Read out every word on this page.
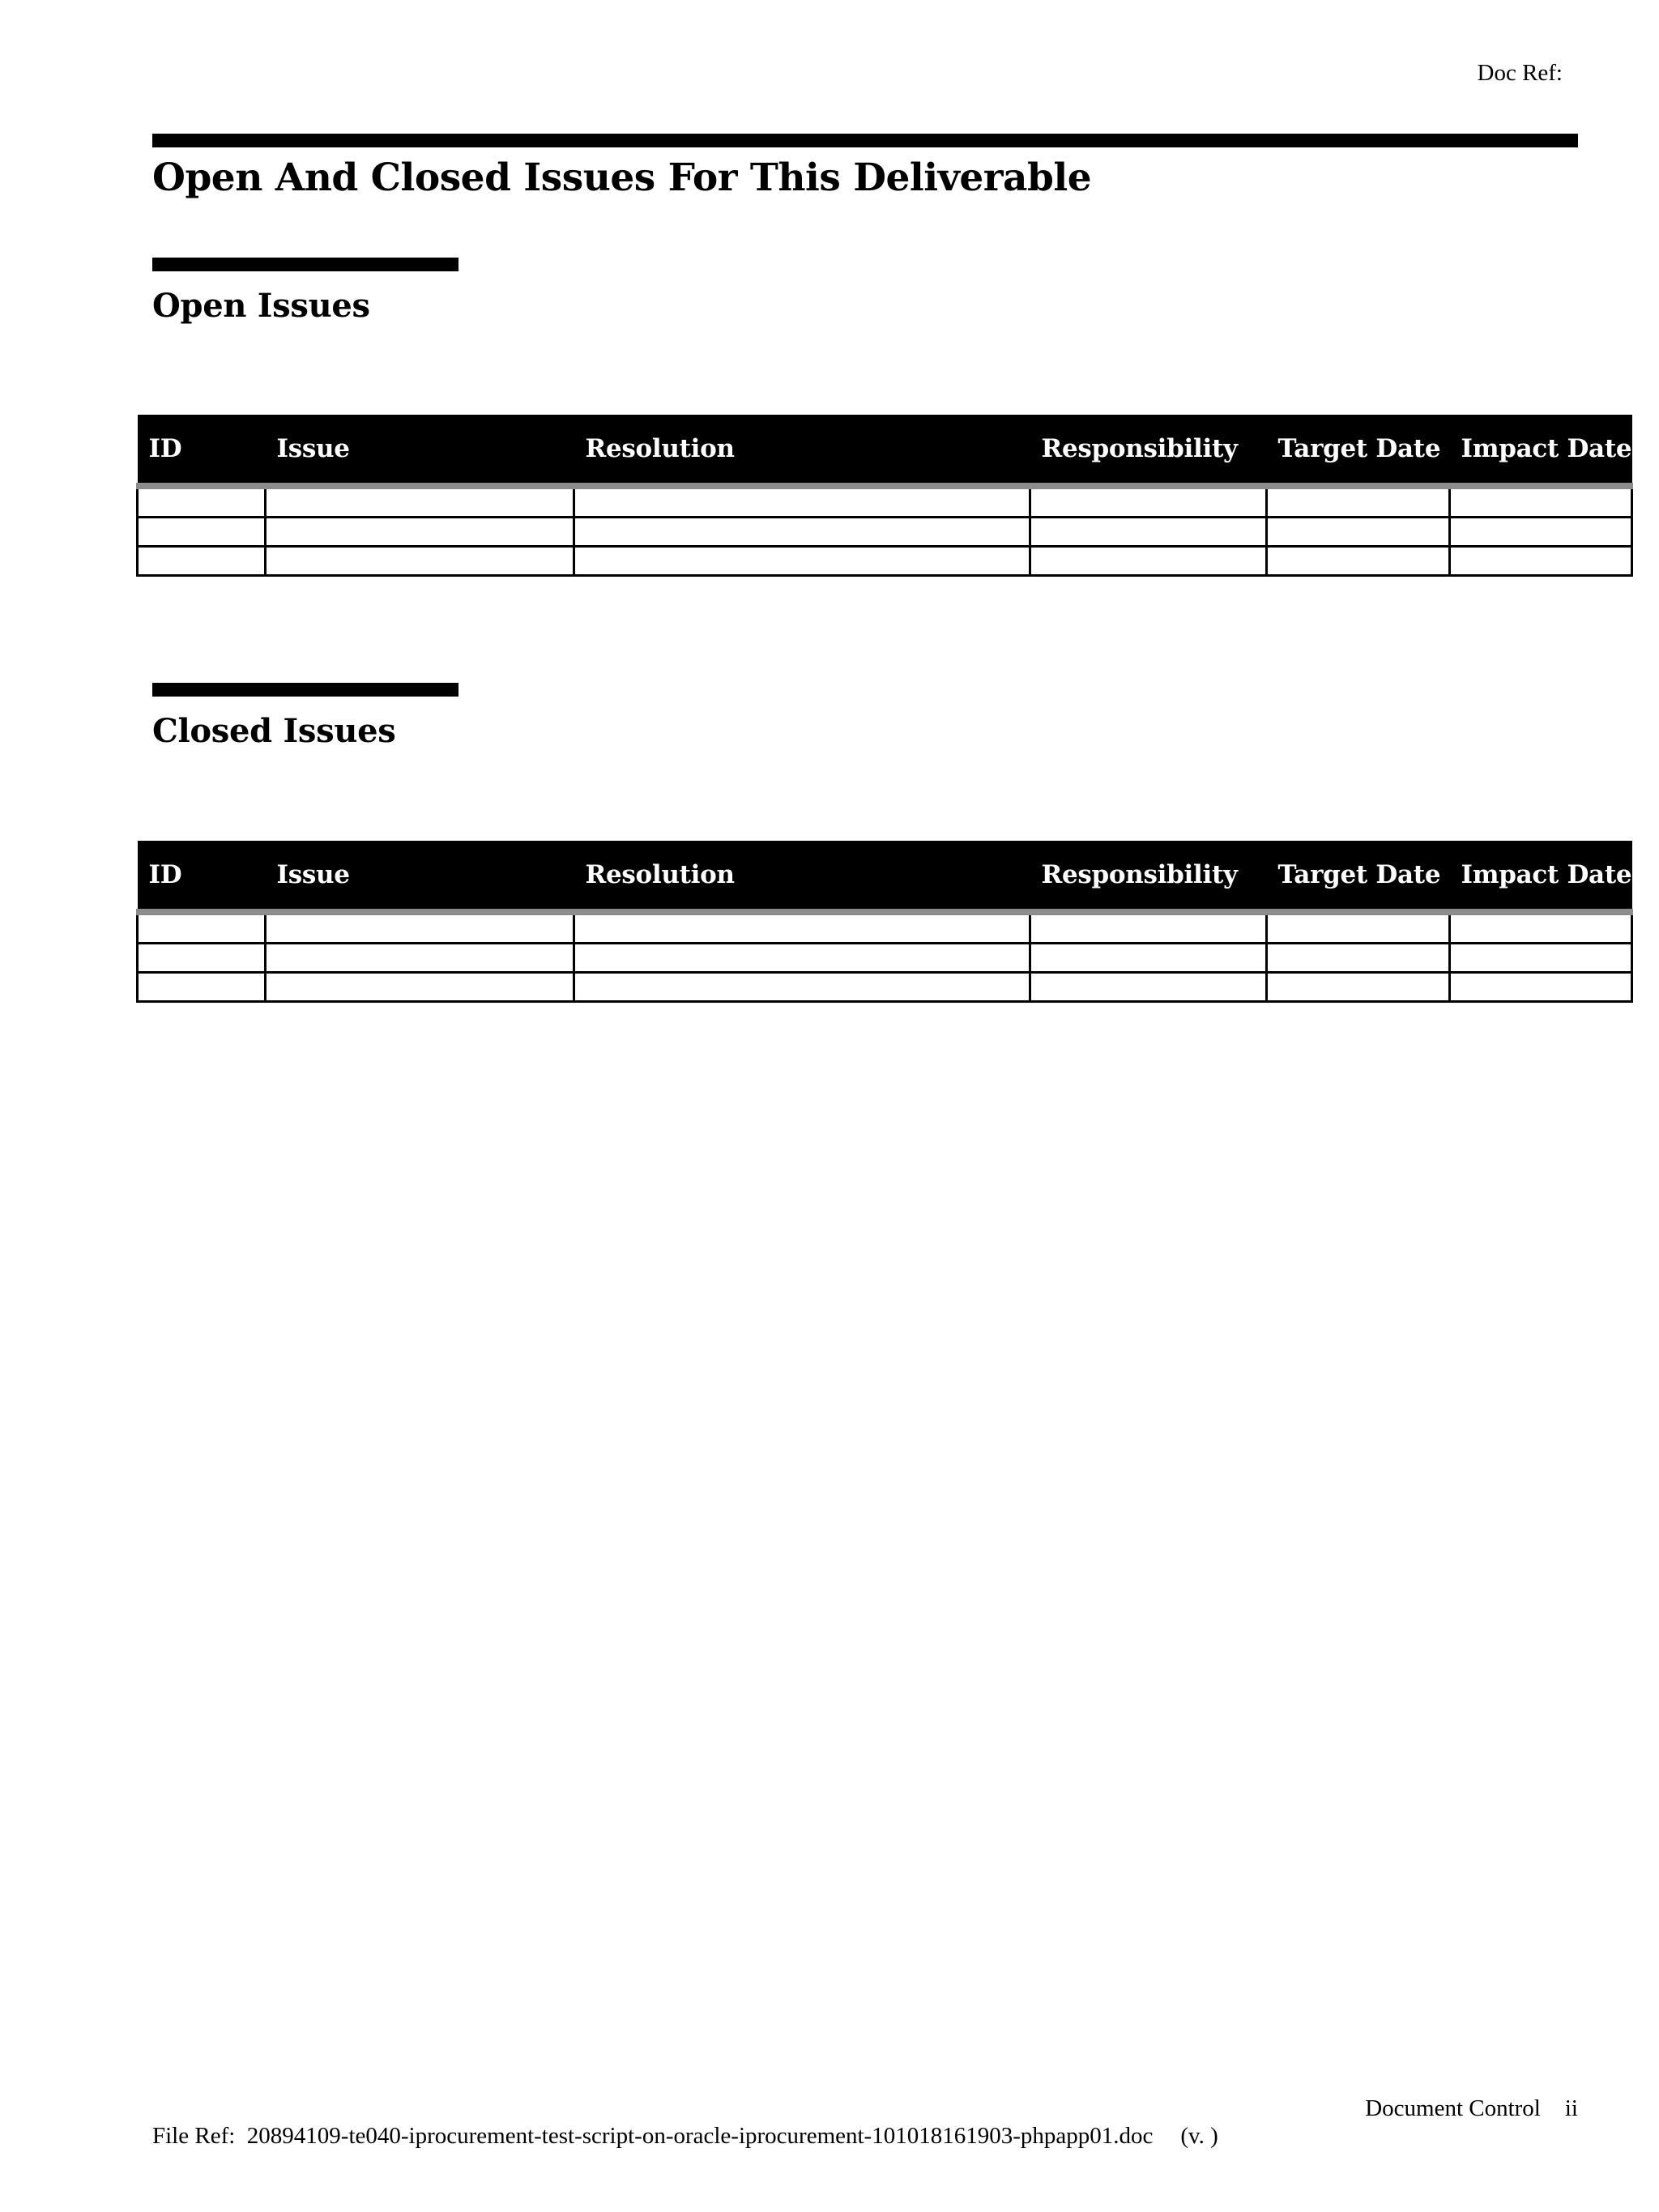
Doc Ref:
Open And Closed Issues For This Deliverable
Open Issues
ID	Issue	Resolution	Responsibility	Target Date	Impact Date

Closed Issues
ID	Issue	Resolution	Responsibility	Target Date	Impact Date

Document Control ii
File Ref: 20894109-te040-iprocurement-test-script-on-oracle-iprocurement-101018161903-phpapp01.doc (v. )
